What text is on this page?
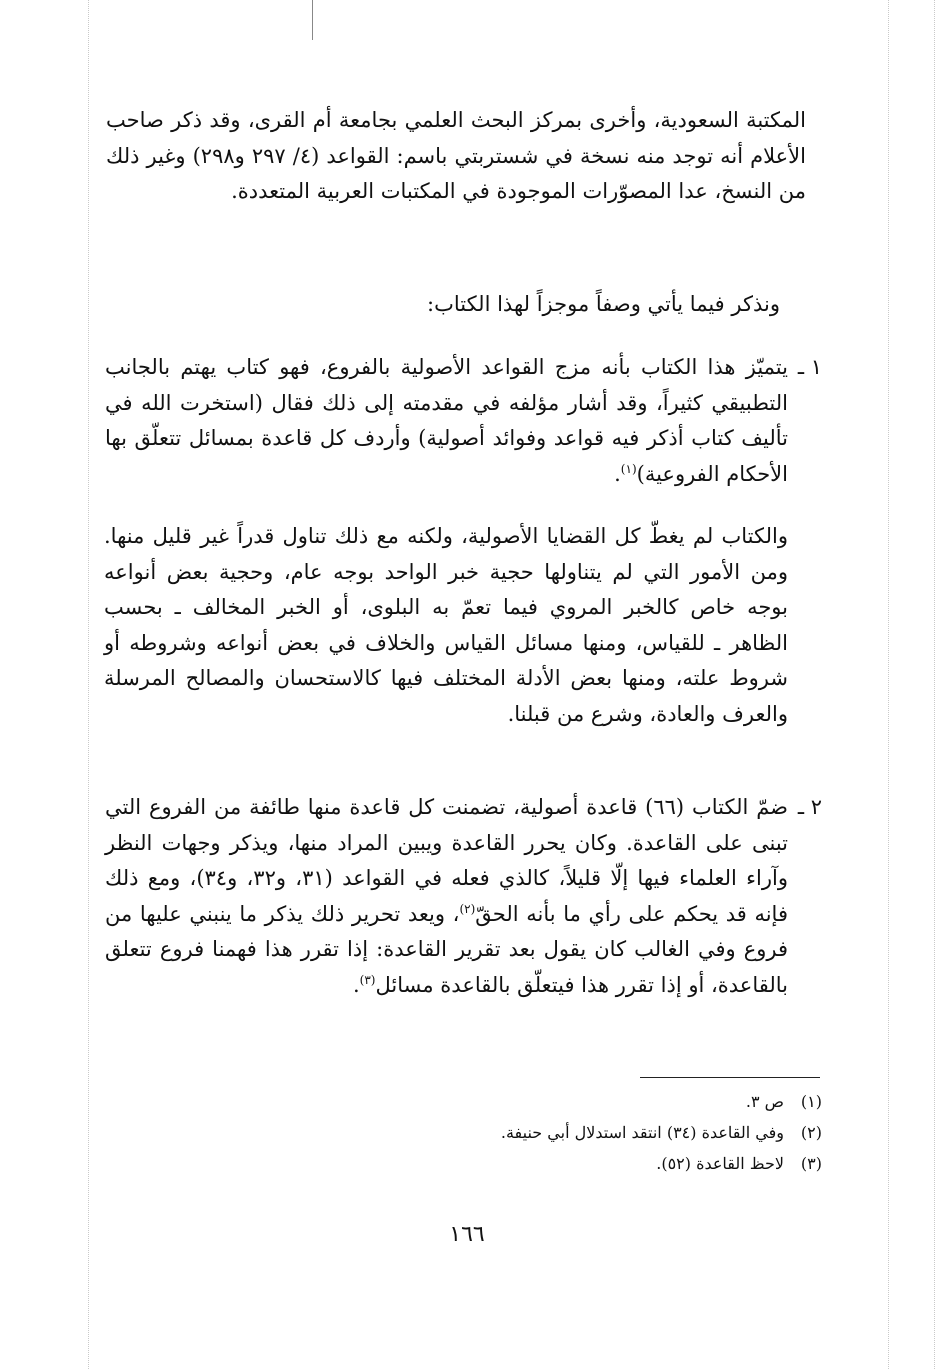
المكتبة السعودية، وأخرى بمركز البحث العلمي بجامعة أم القرى، وقد ذكر صاحب الأعلام أنه توجد منه نسخة في شستربتي باسم: القواعد (٤/ ٢٩٧ و٢٩٨) وغير ذلك من النسخ، عدا المصوّرات الموجودة في المكتبات العربية المتعددة.

ونذكر فيما يأتي وصفاً موجزاً لهذا الكتاب:

١ ـ
يتميّز هذا الكتاب بأنه مزج القواعد الأصولية بالفروع، فهو كتاب يهتم بالجانب التطبيقي كثيراً، وقد أشار مؤلفه في مقدمته إلى ذلك فقال (استخرت الله في تأليف كتاب أذكر فيه قواعد وفوائد أصولية) وأردف كل قاعدة بمسائل تتعلّق بها الأحكام الفروعية)$^{(١)}$.

والكتاب لم يغطّ كل القضايا الأصولية، ولكنه مع ذلك تناول قدراً غير قليل منها. ومن الأمور التي لم يتناولها حجية خبر الواحد بوجه عام، وحجية بعض أنواعه بوجه خاص كالخبر المروي فيما تعمّ به البلوى، أو الخبر المخالف ـ بحسب الظاهر ـ للقياس، ومنها مسائل القياس والخلاف في بعض أنواعه وشروطه أو شروط علته، ومنها بعض الأدلة المختلف فيها كالاستحسان والمصالح المرسلة والعرف والعادة، وشرع من قبلنا.

٢ ـ
ضمّ الكتاب (٦٦) قاعدة أصولية، تضمنت كل قاعدة منها طائفة من الفروع التي تبنى على القاعدة. وكان يحرر القاعدة ويبين المراد منها، ويذكر وجهات النظر وآراء العلماء فيها إلّا قليلاً، كالذي فعله في القواعد (٣١، و٣٢، و٣٤)، ومع ذلك فإنه قد يحكم على رأي ما بأنه الحقّ$^{(٢)}$، ويعد تحرير ذلك يذكر ما ينبني عليها من فروع وفي الغالب كان يقول بعد تقرير القاعدة: إذا تقرر هذا فهمنا فروع تتعلق بالقاعدة، أو إذا تقرر هذا فيتعلّق بالقاعدة مسائل$^{(٣)}$.
(١)ص ٣.
(٢)وفي القاعدة (٣٤) انتقد استدلال أبي حنيفة.
(٣)لاحظ القاعدة (٥٢).
١٦٦
